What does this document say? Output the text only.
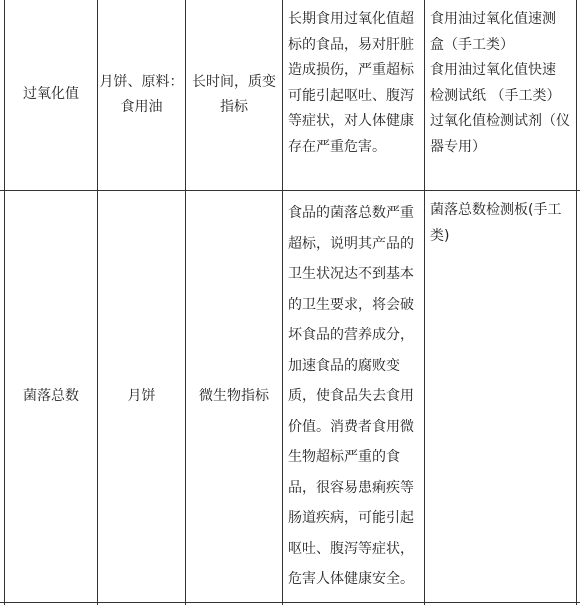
过氧化值
月饼、原料：
食用油
长时间，质变
指标
长期食用过氧化值超
标的食品，易对肝脏
造成损伤，严重超标
可能引起呕吐、腹泻
等症状，对人体健康
存在严重危害。
食用油过氧化值速测
盒（手工类）
食用油过氧化值快速
检测试纸 （手工类）
过氧化值检测试剂（仪
器专用）
菌落总数	月饼	微生物指标
食品的菌落总数严重
超标，说明其产品的
卫生状况达不到基本
的卫生要求，将会破
坏食品的营养成分，
加速食品的腐败变
质，使食品失去食用
价值。消费者食用微
生物超标严重的食
品，很容易患痢疾等
肠道疾病，可能引起
呕吐、腹泻等症状，
危害人体健康安全。
菌落总数检测板(手工
类)
